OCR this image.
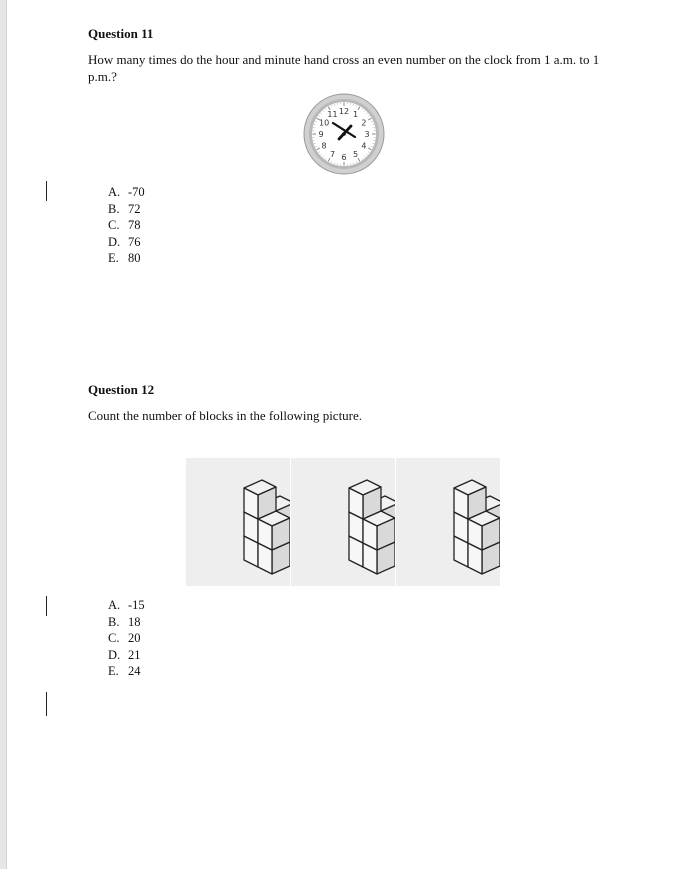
Question 11
How many times do the hour and minute hand cross an even number on the clock from 1 a.m. to 1 p.m.?
12 1
2
3
4
5
6
7
8
9
10
11
A. -70
B. 72
C. 78
D. 76
E. 80
Question 12
Count the number of blocks in the following picture.
A. -15
B. 18
C. 20
D. 21
E. 24
